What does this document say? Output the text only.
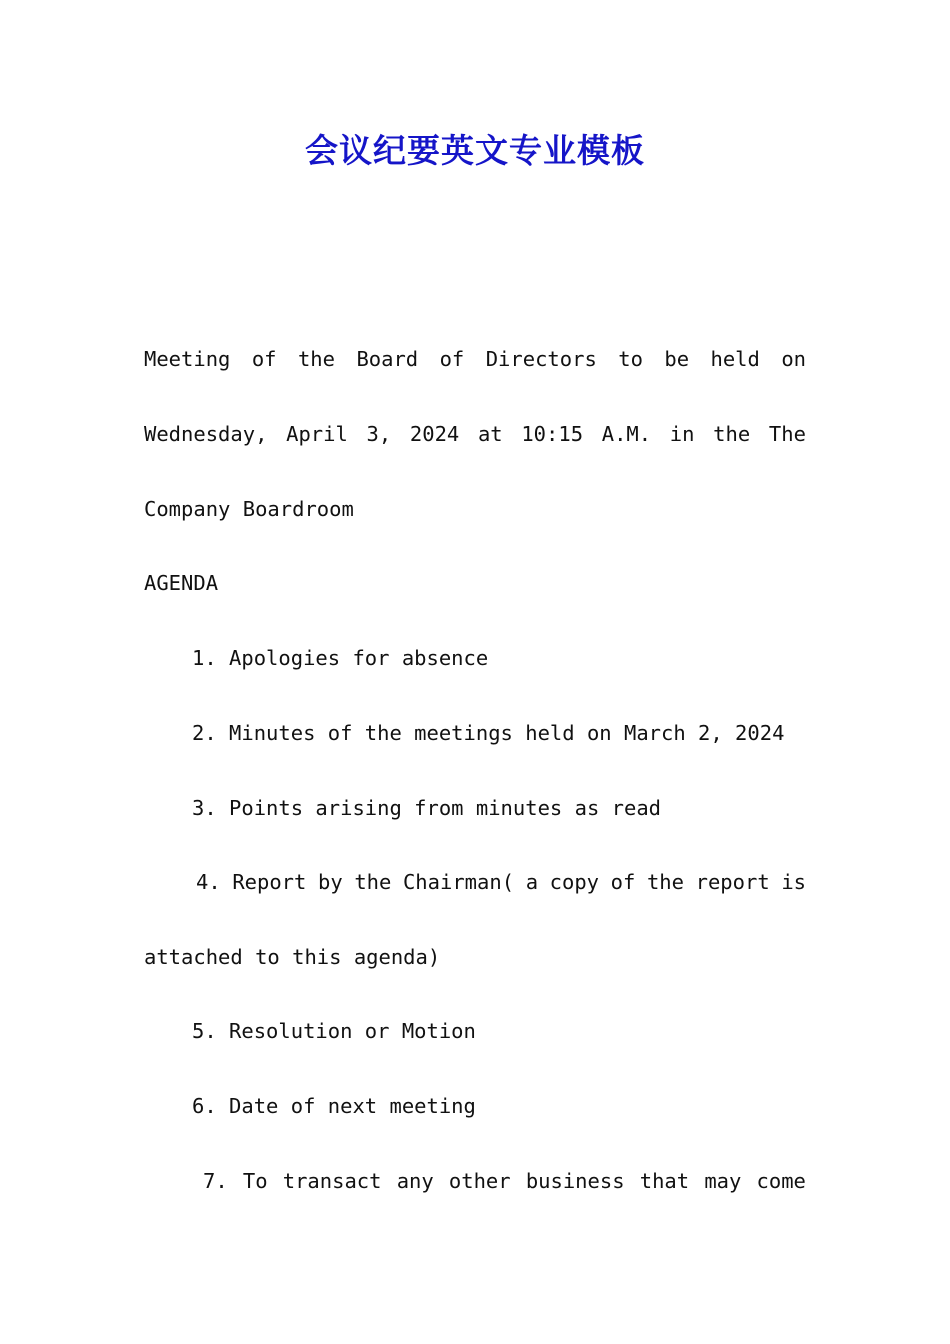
会议纪要英文专业模板
Meeting of the Board of Directors to be held on
Wednesday, April 3, 2024 at 10:15 A.M. in the The
Company Boardroom
AGENDA
1. Apologies for absence
2. Minutes of the meetings held on March 2, 2024
3. Points arising from minutes as read
4. Report by the Chairman( a copy of the report is
attached to this agenda)
5. Resolution or Motion
6. Date of next meeting
7. To transact any other business that may come
